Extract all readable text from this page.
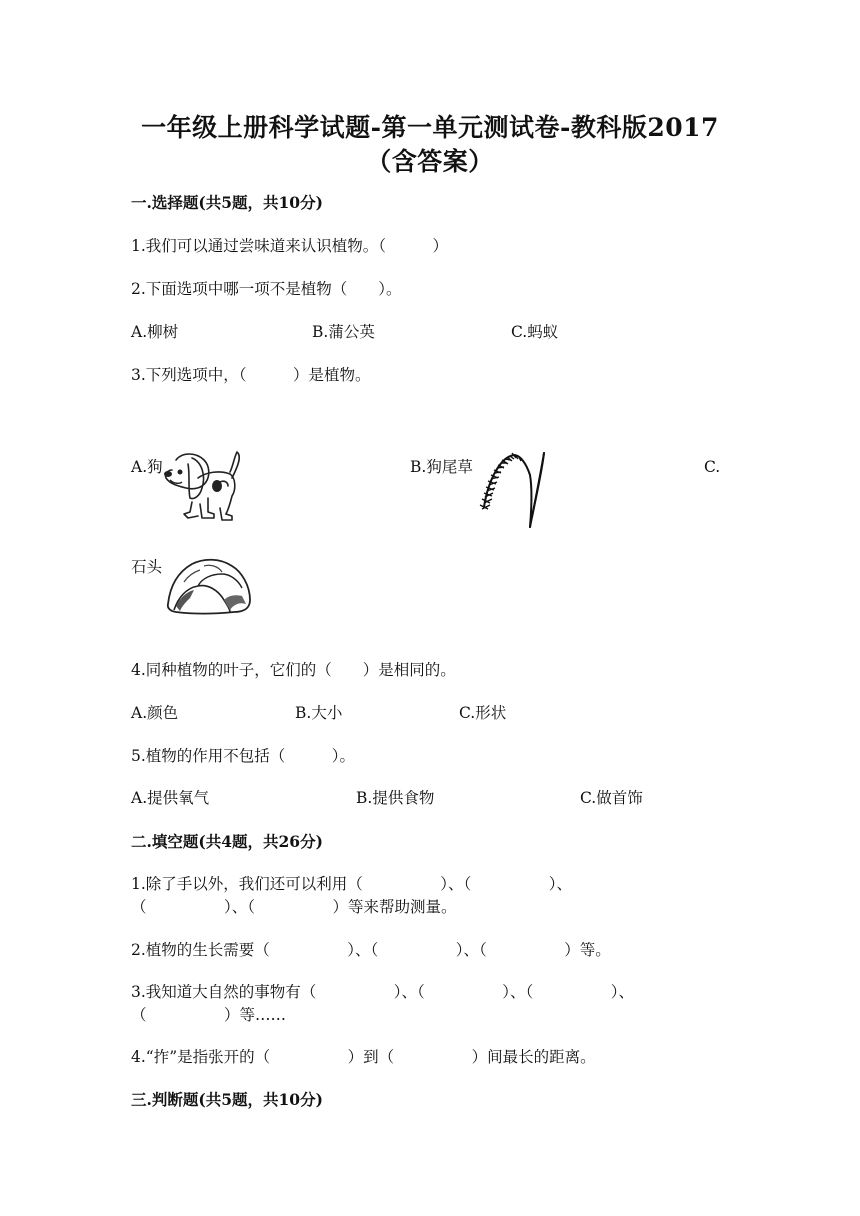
一年级上册科学试题-第一单元测试卷-教科版2017
（含答案）
一.选择题(共5题，共10分)
1.我们可以通过尝味道来认识植物。（　　　）
2.下面选项中哪一项不是植物（　　）。
A.柳树	B.蒲公英	C.蚂蚁
3.下列选项中，（　　　）是植物。
A.狗	B.狗尾草	C.
石头
4.同种植物的叶子，它们的（　　）是相同的。
A.颜色	B.大小	C.形状
5.植物的作用不包括（　　　）。
A.提供氧气	B.提供食物	C.做首饰
二.填空题(共4题，共26分)
1.除了手以外，我们还可以利用（　　　　　）、（　　　　　）、
（　　　　　）、（　　　　　）等来帮助测量。
2.植物的生长需要（　　　　　）、（　　　　　）、（　　　　　）等。
3.我知道大自然的事物有（　　　　　）、（　　　　　）、（　　　　　）、
（　　　　　）等……
4.“拃”是指张开的（　　　　　）到（　　　　　）间最长的距离。
三.判断题(共5题，共10分)
